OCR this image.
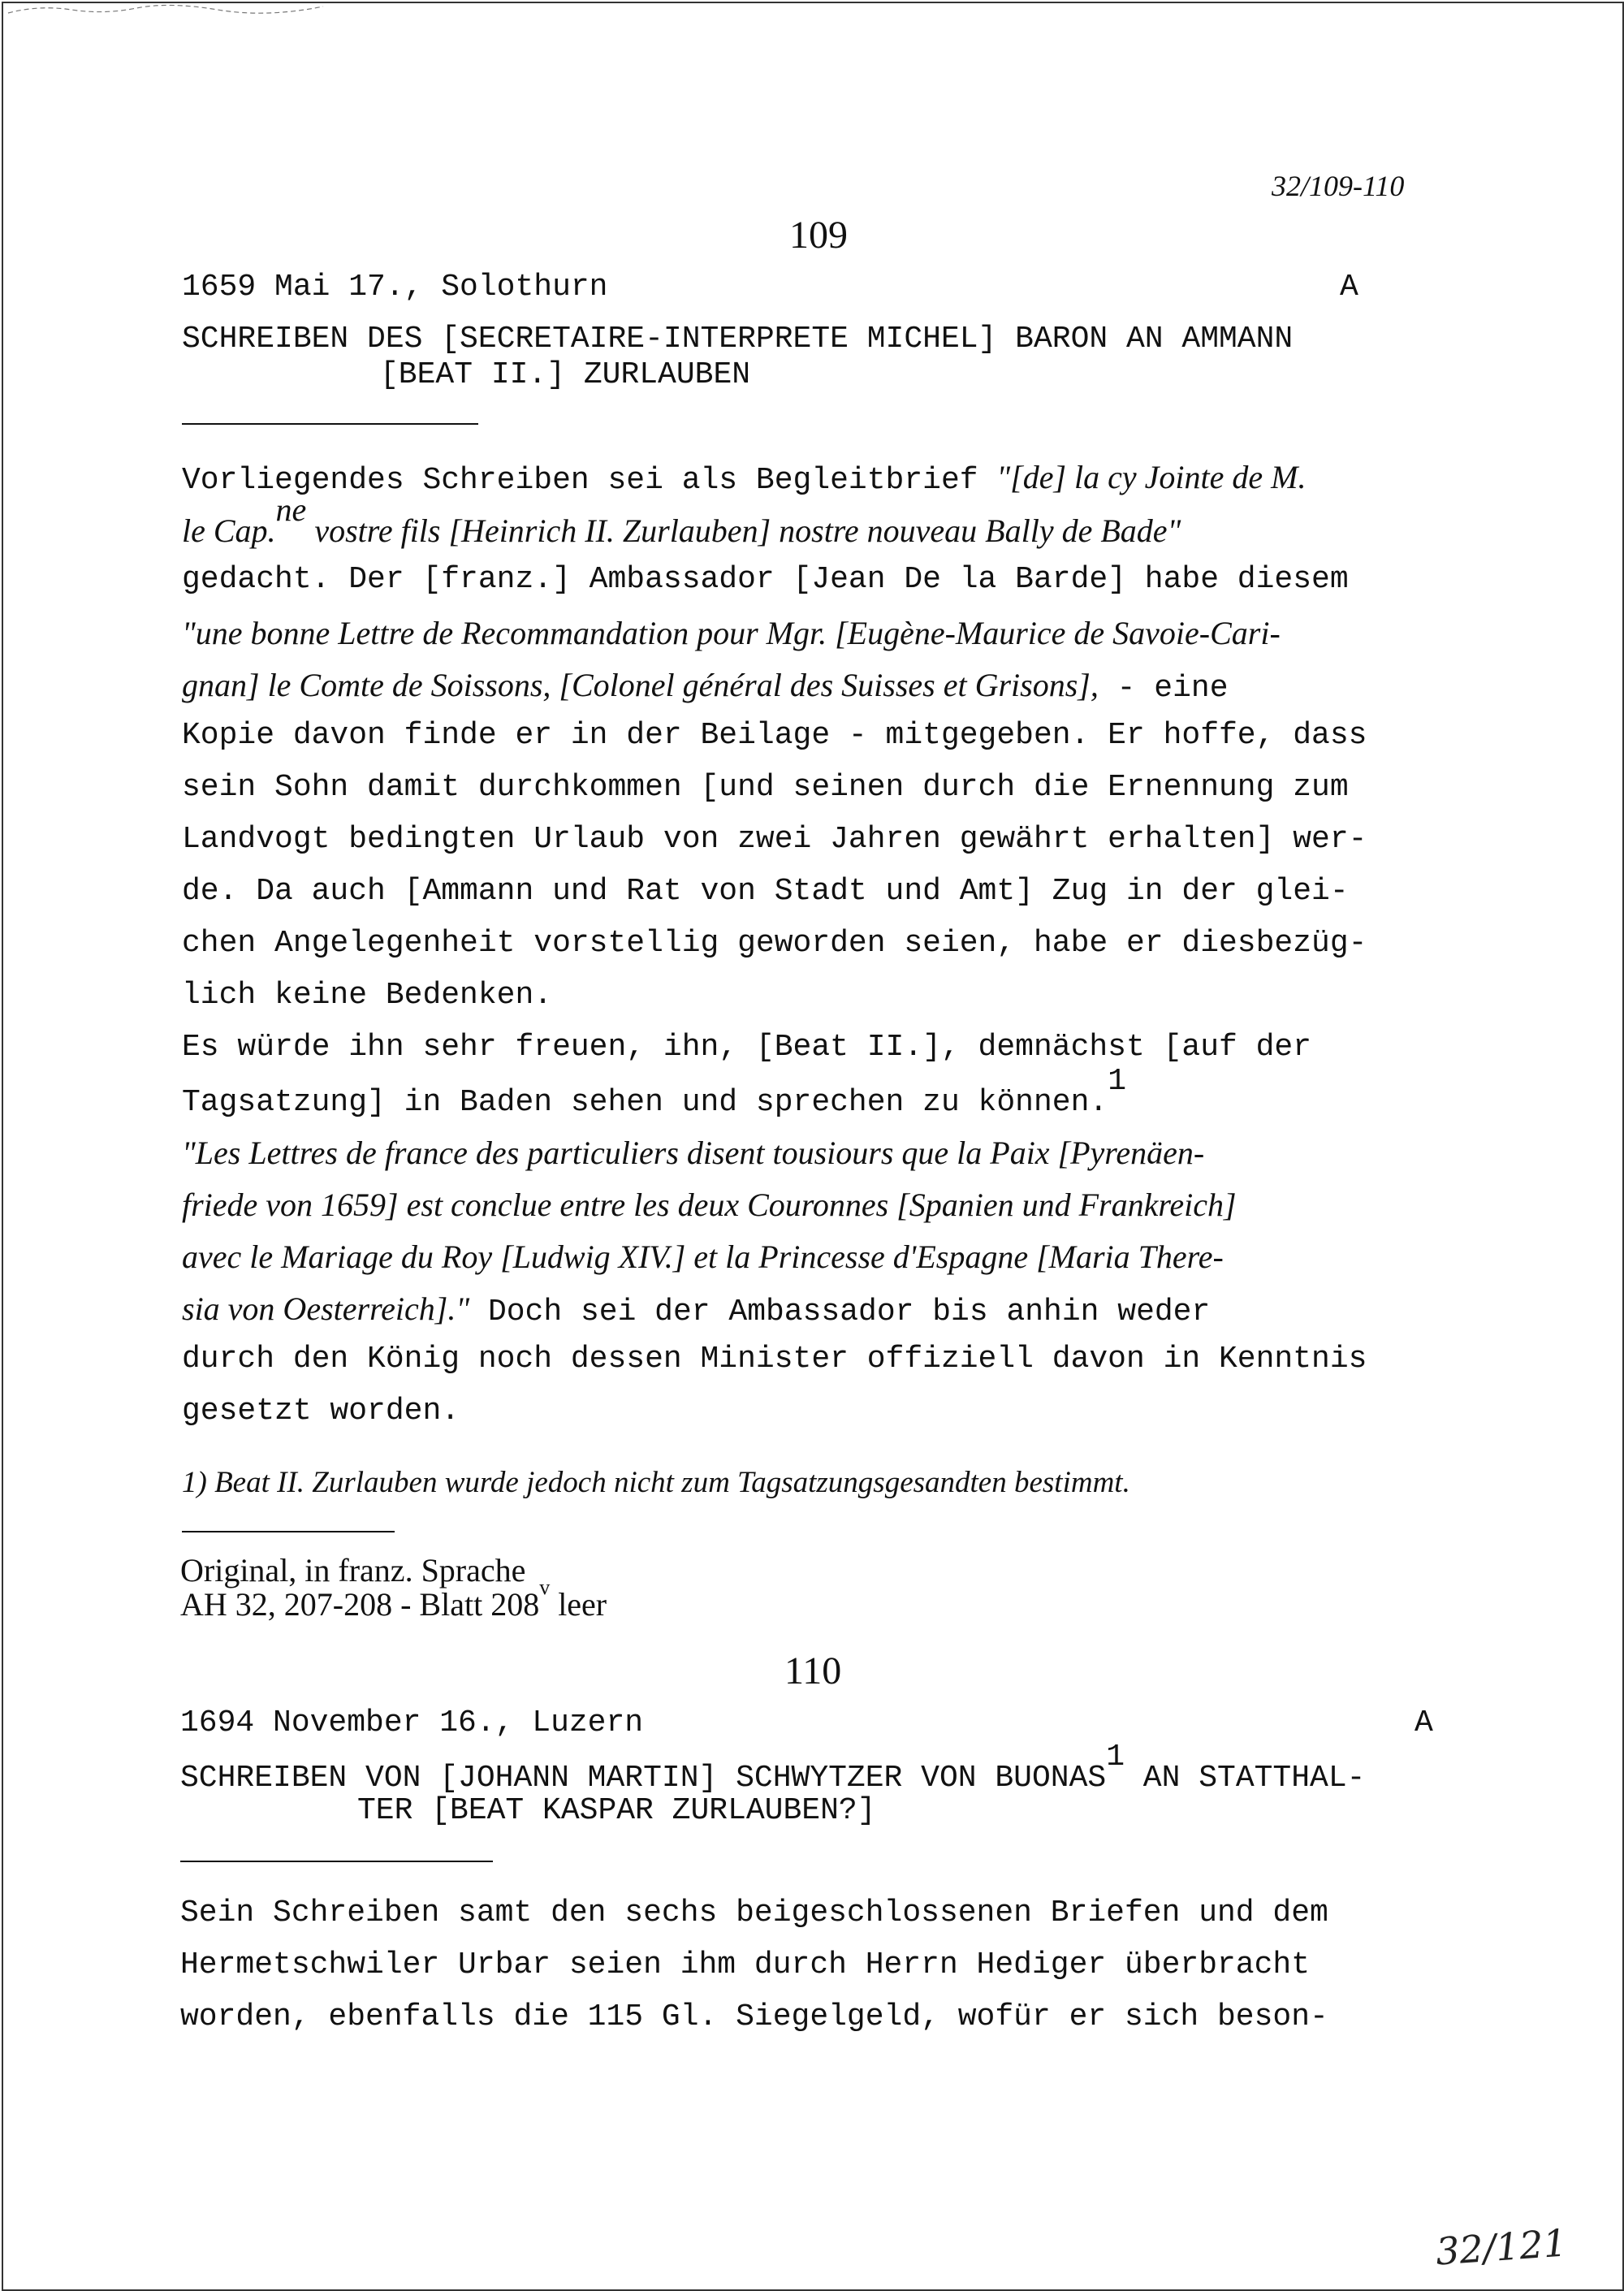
32/109-110
109
1659 Mai 17., Solothurn	A
SCHREIBEN DES [SECRETAIRE-INTERPRETE MICHEL] BARON AN AMMANN
[BEAT II.] ZURLAUBEN
Vorliegendes Schreiben sei als Begleitbrief "[de] la cy Jointe de M.
le Cap.$^{ne}$ vostre fils [Heinrich II. Zurlauben] nostre nouveau Bally de Bade"
gedacht. Der [franz.] Ambassador [Jean De la Barde] habe diesem
"une bonne Lettre de Recommandation pour Mgr. [Eugène-Maurice de Savoie-Cari-
gnan] le Comte de Soissons, [Colonel général des Suisses et Grisons], - eine
Kopie davon finde er in der Beilage - mitgegeben. Er hoffe, dass
sein Sohn damit durchkommen [und seinen durch die Ernennung zum
Landvogt bedingten Urlaub von zwei Jahren gewährt erhalten] wer-
de. Da auch [Ammann und Rat von Stadt und Amt] Zug in der glei-
chen Angelegenheit vorstellig geworden seien, habe er diesbezüg-
lich keine Bedenken.
Es würde ihn sehr freuen, ihn, [Beat II.], demnächst [auf der
Tagsatzung] in Baden sehen und sprechen zu können.$^1$
"Les Lettres de france des particuliers disent tousiours que la Paix [Pyrenäen-
friede von 1659] est conclue entre les deux Couronnes [Spanien und Frankreich]
avec le Mariage du Roy [Ludwig XIV.] et la Princesse d'Espagne [Maria There-
sia von Oesterreich]." Doch sei der Ambassador bis anhin weder
durch den König noch dessen Minister offiziell davon in Kenntnis
gesetzt worden.
1) Beat II. Zurlauben wurde jedoch nicht zum Tagsatzungsgesandten bestimmt.
Original, in franz. Sprache
AH 32, 207-208 - Blatt 208$^v$ leer
110
1694 November 16., Luzern	A
SCHREIBEN VON [JOHANN MARTIN] SCHWYTZER VON BUONAS$^1$ AN STATTHAL-
TER [BEAT KASPAR ZURLAUBEN?]
Sein Schreiben samt den sechs beigeschlossenen Briefen und dem
Hermetschwiler Urbar seien ihm durch Herrn Hediger überbracht
worden, ebenfalls die 115 Gl. Siegelgeld, wofür er sich beson-
32/121
